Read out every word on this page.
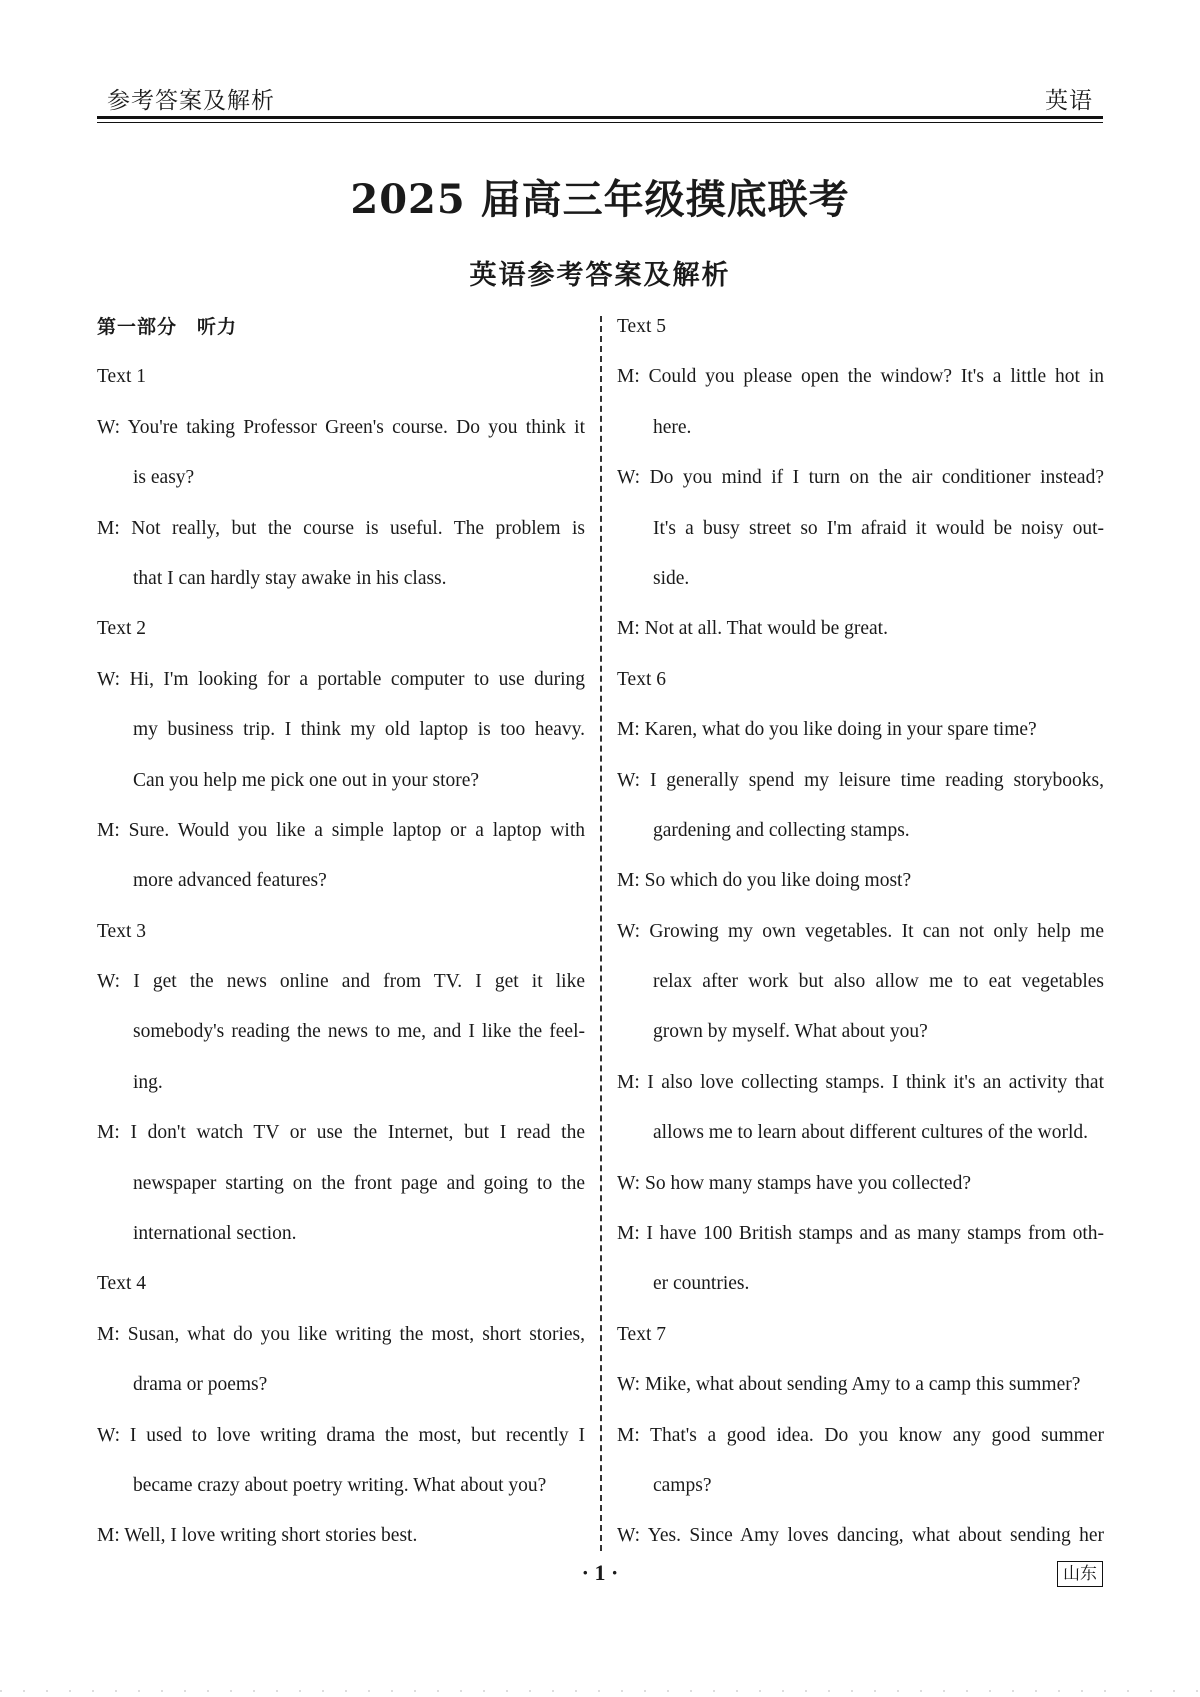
参考答案及解析	英语
2025 届高三年级摸底联考
英语参考答案及解析
第一部分　听力
Text 1
W: You're taking Professor Green's course. Do you think it
is easy?
M: Not really, but the course is useful. The problem is
that I can hardly stay awake in his class.
Text 2
W: Hi, I'm looking for a portable computer to use during
my business trip. I think my old laptop is too heavy.
Can you help me pick one out in your store?
M: Sure. Would you like a simple laptop or a laptop with
more advanced features?
Text 3
W: I get the news online and from TV. I get it like
somebody's reading the news to me, and I like the feel-
ing.
M: I don't watch TV or use the Internet, but I read the
newspaper starting on the front page and going to the
international section.
Text 4
M: Susan, what do you like writing the most, short stories,
drama or poems?
W: I used to love writing drama the most, but recently I
became crazy about poetry writing. What about you?
M: Well, I love writing short stories best.
Text 5
M: Could you please open the window? It's a little hot in
here.
W: Do you mind if I turn on the air conditioner instead?
It's a busy street so I'm afraid it would be noisy out-
side.
M: Not at all. That would be great.
Text 6
M: Karen, what do you like doing in your spare time?
W: I generally spend my leisure time reading storybooks,
gardening and collecting stamps.
M: So which do you like doing most?
W: Growing my own vegetables. It can not only help me
relax after work but also allow me to eat vegetables
grown by myself. What about you?
M: I also love collecting stamps. I think it's an activity that
allows me to learn about different cultures of the world.
W: So how many stamps have you collected?
M: I have 100 British stamps and as many stamps from oth-
er countries.
Text 7
W: Mike, what about sending Amy to a camp this summer?
M: That's a good idea. Do you know any good summer
camps?
W: Yes. Since Amy loves dancing, what about sending her
· 1 ·	山东
